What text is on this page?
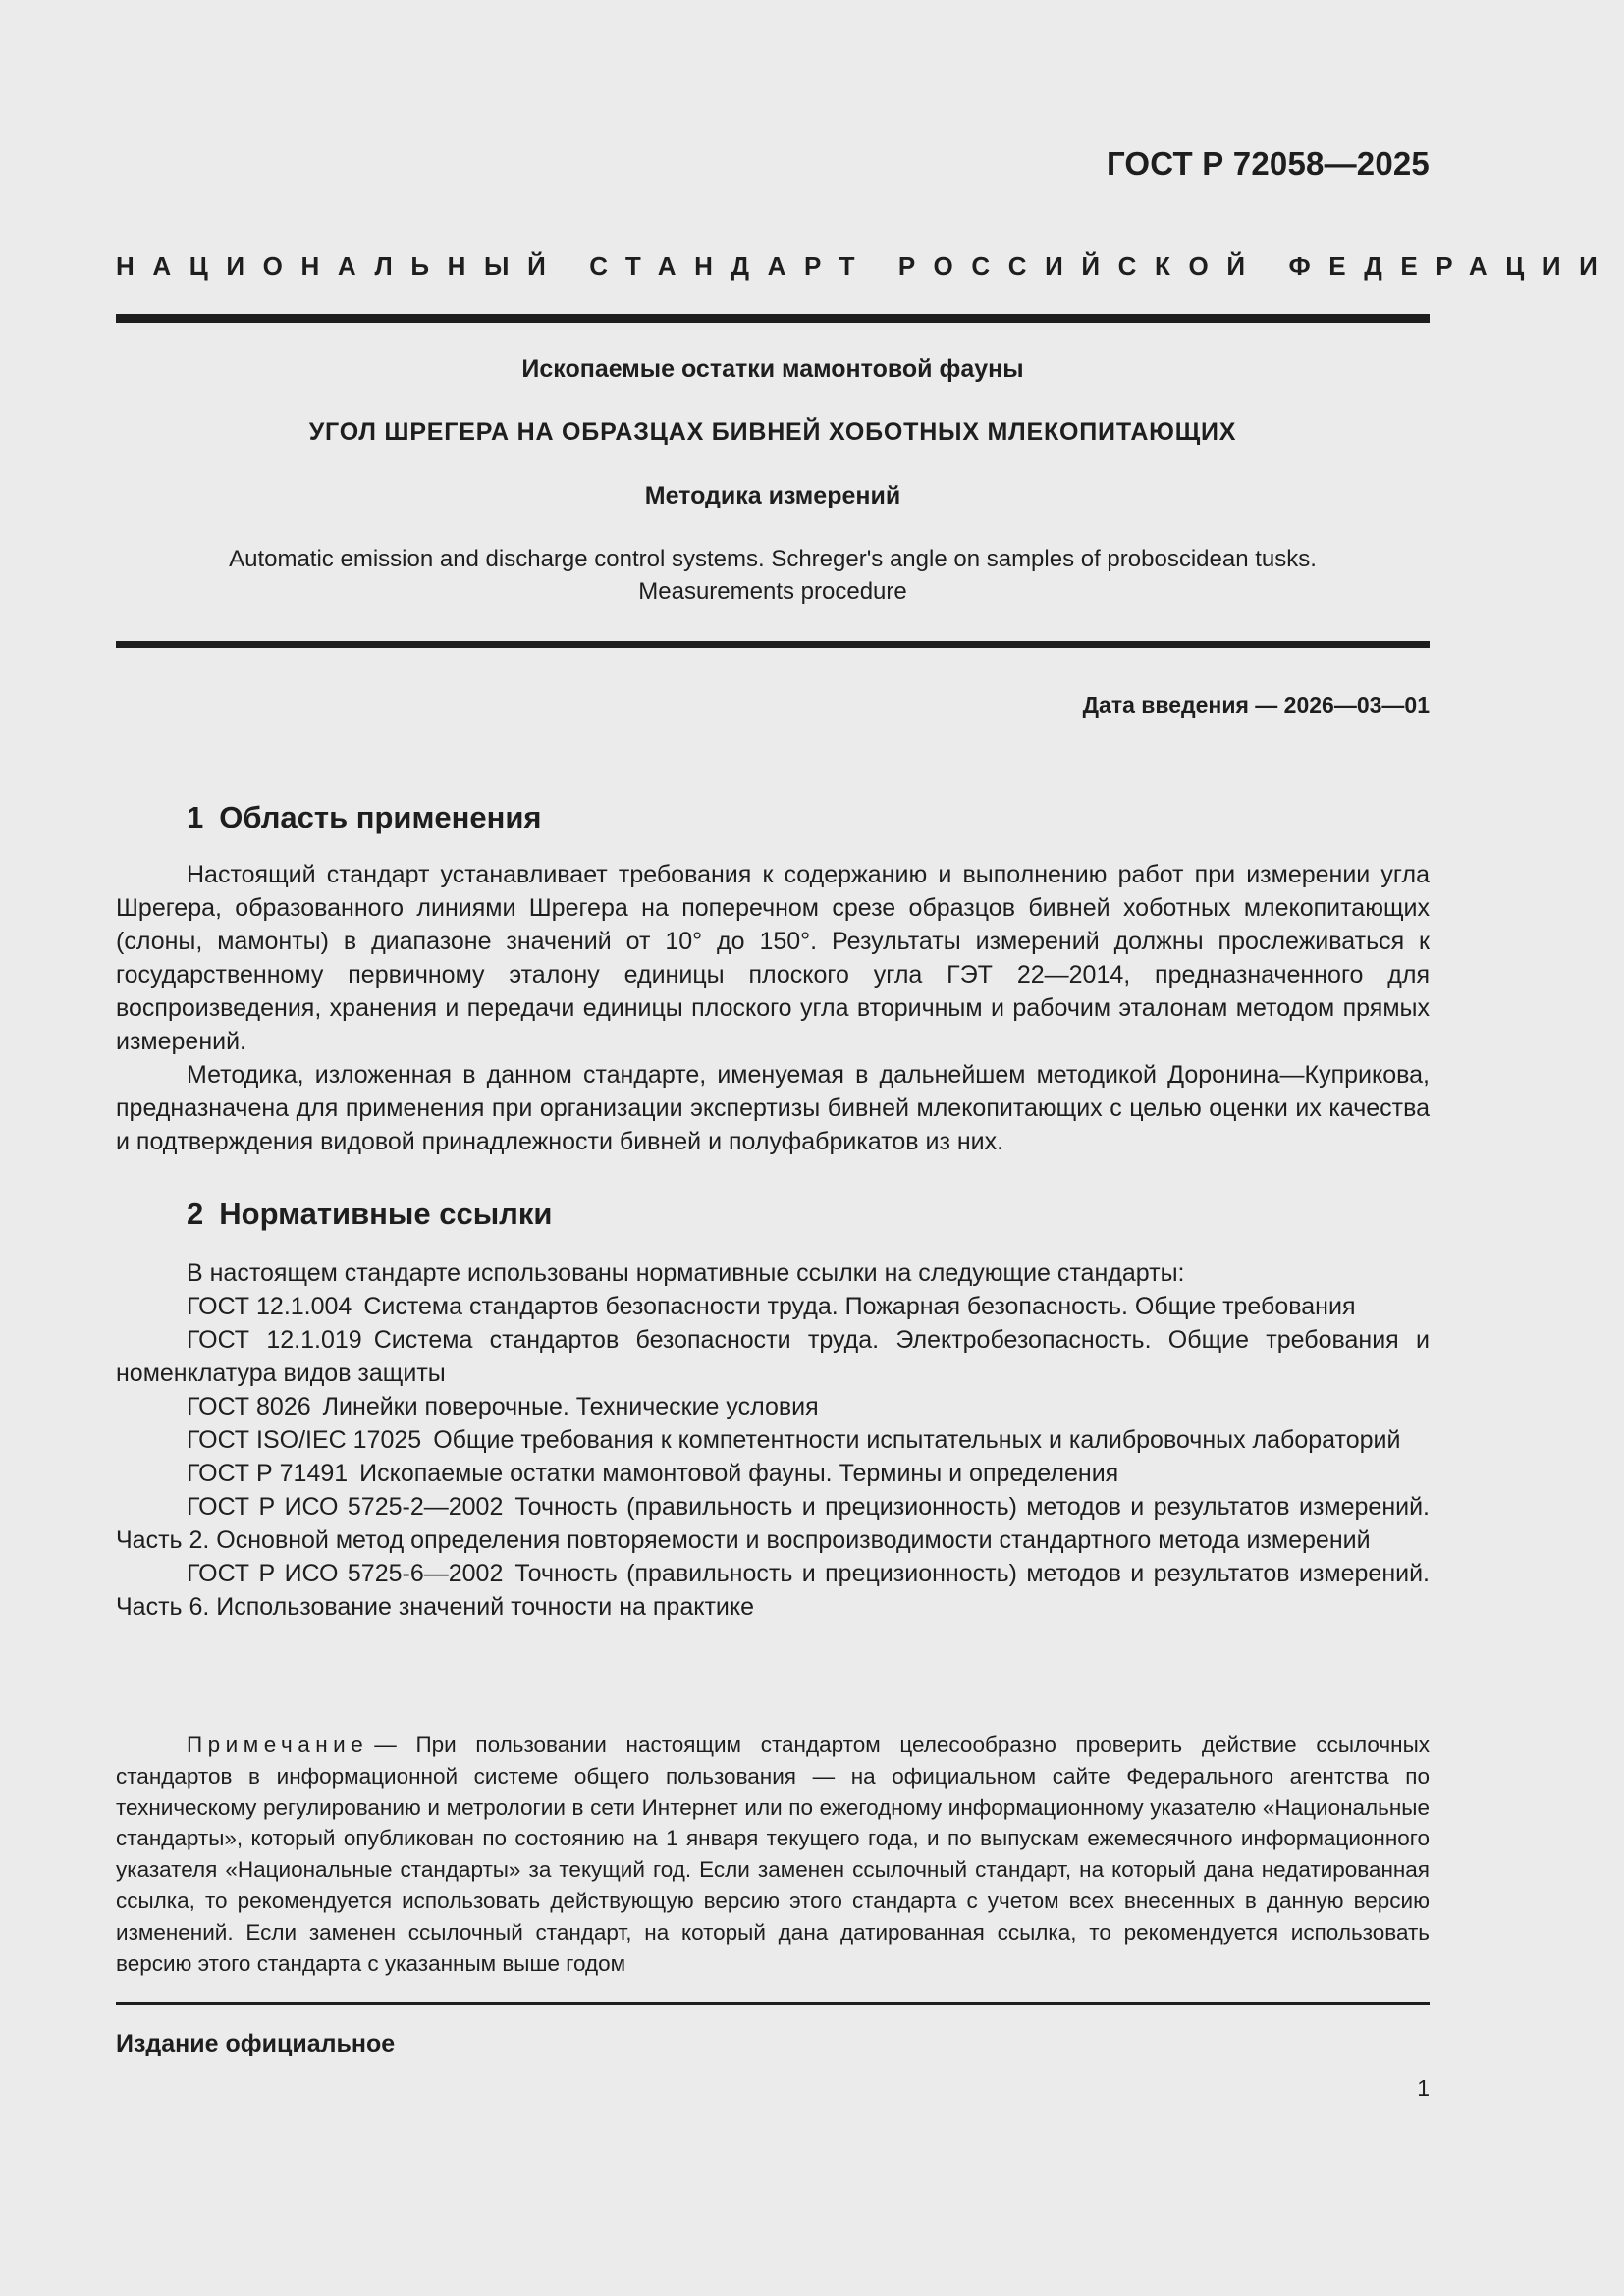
ГОСТ Р 72058—2025
НАЦИОНАЛЬНЫЙ СТАНДАРТ РОССИЙСКОЙ ФЕДЕРАЦИИ
Ископаемые остатки мамонтовой фауны
УГОЛ ШРЕГЕРА НА ОБРАЗЦАХ БИВНЕЙ ХОБОТНЫХ МЛЕКОПИТАЮЩИХ
Методика измерений
Automatic emission and discharge control systems. Schreger's angle on samples of proboscidean tusks.
Measurements procedure
Дата введения — 2026—03—01
1 Область применения

Настоящий стандарт устанавливает требования к содержанию и выполнению работ при измерении угла Шрегера, образованного линиями Шрегера на поперечном срезе образцов бивней хоботных млекопитающих (слоны, мамонты) в диапазоне значений от 10° до 150°. Результаты измерений должны прослеживаться к государственному первичному эталону единицы плоского угла ГЭТ 22—2014, предназначенного для воспроизведения, хранения и передачи единицы плоского угла вторичным и рабочим эталонам методом прямых измерений.

Методика, изложенная в данном стандарте, именуемая в дальнейшем методикой Доронина—Куприкова, предназначена для применения при организации экспертизы бивней млекопитающих с целью оценки их качества и подтверждения видовой принадлежности бивней и полуфабрикатов из них.

2 Нормативные ссылки

В настоящем стандарте использованы нормативные ссылки на следующие стандарты:

ГОСТ 12.1.004 Система стандартов безопасности труда. Пожарная безопасность. Общие требования

ГОСТ 12.1.019 Система стандартов безопасности труда. Электробезопасность. Общие требования и номенклатура видов защиты

ГОСТ 8026 Линейки поверочные. Технические условия

ГОСТ ISO/IEC 17025 Общие требования к компетентности испытательных и калибровочных лабораторий

ГОСТ Р 71491 Ископаемые остатки мамонтовой фауны. Термины и определения

ГОСТ Р ИСО 5725-2—2002 Точность (правильность и прецизионность) методов и результатов измерений. Часть 2. Основной метод определения повторяемости и воспроизводимости стандартного метода измерений

ГОСТ Р ИСО 5725-6—2002 Точность (правильность и прецизионность) методов и результатов измерений. Часть 6. Использование значений точности на практике

Примечание — При пользовании настоящим стандартом целесообразно проверить действие ссылочных стандартов в информационной системе общего пользования — на официальном сайте Федерального агентства по техническому регулированию и метрологии в сети Интернет или по ежегодному информационному указателю «Национальные стандарты», который опубликован по состоянию на 1 января текущего года, и по выпускам ежемесячного информационного указателя «Национальные стандарты» за текущий год. Если заменен ссылочный стандарт, на который дана недатированная ссылка, то рекомендуется использовать действующую версию этого стандарта с учетом всех внесенных в данную версию изменений. Если заменен ссылочный стандарт, на который дана датированная ссылка, то рекомендуется использовать версию этого стандарта с указанным выше годом

Издание официальное
1
